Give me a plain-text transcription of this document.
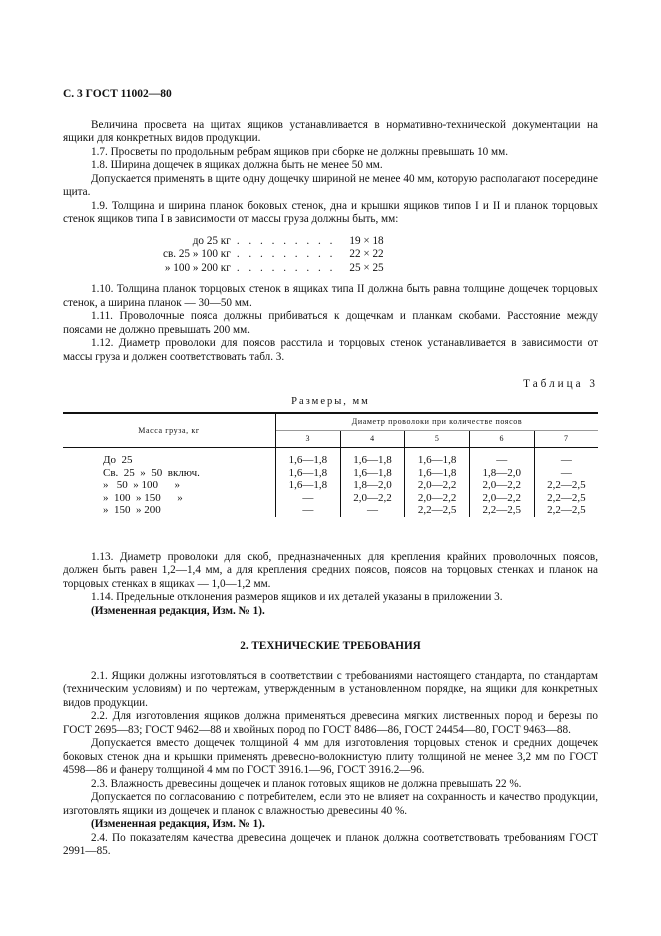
С. 3 ГОСТ 11002—80

Величина просвета на щитах ящиков устанавливается в нормативно-технической документации на ящики для конкретных видов продукции.

1.7. Просветы по продольным ребрам ящиков при сборке не должны превышать 10 мм.

1.8. Ширина дощечек в ящиках должна быть не менее 50 мм.

Допускается применять в щите одну дощечку шириной не менее 40 мм, которую располагают посередине щита.

1.9. Толщина и ширина планок боковых стенок, дна и крышки ящиков типов I и II и планок торцовых стенок ящиков типа I в зависимости от массы груза должны быть, мм:

до 25 кг	. . . . . . . . .	19 × 18
св. 25 » 100 кг	. . . . . . . . .	22 × 22
» 100 » 200 кг	. . . . . . . . .	25 × 25

1.10. Толщина планок торцовых стенок в ящиках типа II должна быть равна толщине дощечек торцовых стенок, а ширина планок — 30—50 мм.

1.11. Проволочные пояса должны прибиваться к дощечкам и планкам скобами. Расстояние между поясами не должно превышать 200 мм.

1.12. Диаметр проволоки для поясов расстила и торцовых стенок устанавливается в зависимости от массы груза и должен соответствовать табл. 3.

Таблица 3
Размеры, мм
Масса груза, кг	Диаметр проволоки при количестве поясов				
	3	4	5	6	7
До  25	1,6—1,8	1,6—1,8	1,6—1,8	—	—
Св.  25  »  50  включ.	1,6—1,8	1,6—1,8	1,6—1,8	1,8—2,0	—
»   50  » 100      »	1,6—1,8	1,8—2,0	2,0—2,2	2,0—2,2	2,2—2,5
»  100  » 150      »	—	2,0—2,2	2,0—2,2	2,0—2,2	2,2—2,5
»  150  » 200	—	—	2,2—2,5	2,2—2,5	2,2—2,5

1.13. Диаметр проволоки для скоб, предназначенных для крепления крайних проволочных поясов, должен быть равен 1,2—1,4 мм, а для крепления средних поясов, поясов на торцовых стенках и планок на торцовых стенках в ящиках — 1,0—1,2 мм.

1.14. Предельные отклонения размеров ящиков и их деталей указаны в приложении 3.

(Измененная редакция, Изм. № 1).

2. ТЕХНИЧЕСКИЕ ТРЕБОВАНИЯ

2.1. Ящики должны изготовляться в соответствии с требованиями настоящего стандарта, по стандартам (техническим условиям) и по чертежам, утвержденным в установленном порядке, на ящики для конкретных видов продукции.

2.2. Для изготовления ящиков должна применяться древесина мягких лиственных пород и березы по ГОСТ 2695—83; ГОСТ 9462—88 и хвойных пород по ГОСТ 8486—86, ГОСТ 24454—80, ГОСТ 9463—88.

Допускается вместо дощечек толщиной 4 мм для изготовления торцовых стенок и средних дощечек боковых стенок дна и крышки применять древесно-волокнистую плиту толщиной не менее 3,2 мм по ГОСТ 4598—86 и фанеру толщиной 4 мм по ГОСТ 3916.1—96, ГОСТ 3916.2—96.

2.3. Влажность древесины дощечек и планок готовых ящиков не должна превышать 22 %.

Допускается по согласованию с потребителем, если это не влияет на сохранность и качество продукции, изготовлять ящики из дощечек и планок с влажностью древесины 40 %.

(Измененная редакция, Изм. № 1).

2.4. По показателям качества древесина дощечек и планок должна соответствовать требованиям ГОСТ 2991—85.
